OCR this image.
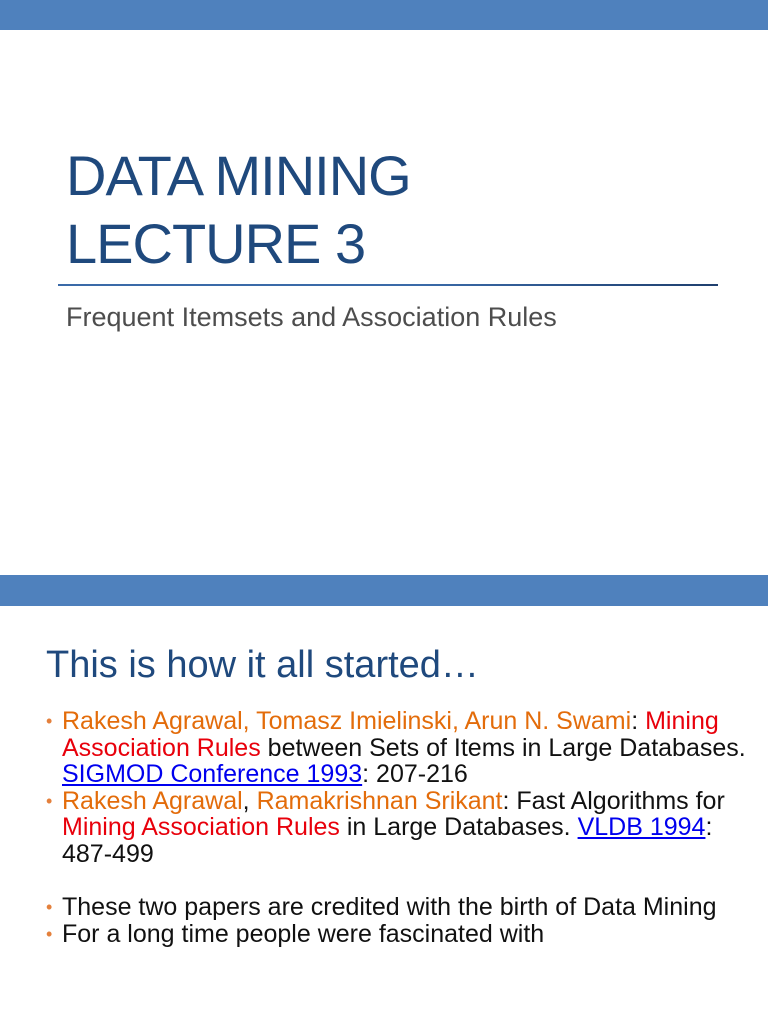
DATA MINING
LECTURE 3
Frequent Itemsets and Association Rules
This is how it all started…
• Rakesh Agrawal, Tomasz Imielinski, Arun N. Swami: Mining Association Rules between Sets of Items in Large Databases. SIGMOD Conference 1993: 207-216
• Rakesh Agrawal, Ramakrishnan Srikant: Fast Algorithms for Mining Association Rules in Large Databases. VLDB 1994: 487-499
• These two papers are credited with the birth of Data Mining
• For a long time people were fascinated with
